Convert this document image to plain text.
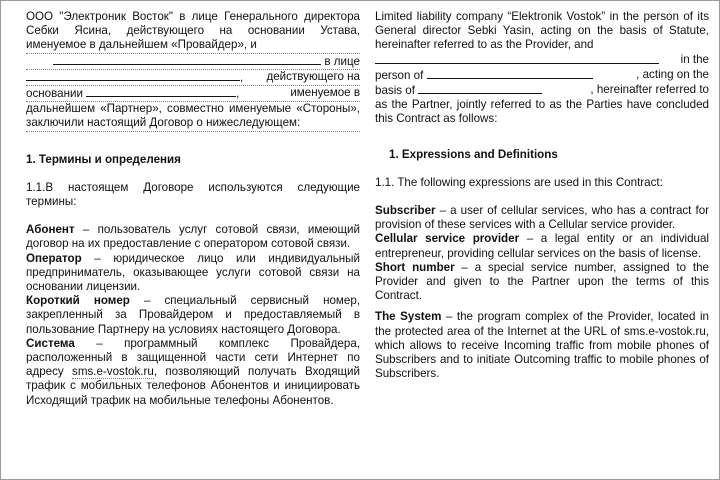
ООО "Электроник Восток" в лице Генерального директора Себки Ясина, действующего на основании Устава, именуемое в дальнейшем «Провайдер», и

в лице

, действующего на

основании	,	именуемое в

дальнейшем «Партнер», совместно именуемые «Стороны», заключили настоящий Договор о нижеследующем:

1. Термины и определения

1.1.В настоящем Договоре используются следующие термины:

Абонент – пользователь услуг сотовой связи, имеющий договор на их предоставление с оператором сотовой связи.

Оператор – юридическое лицо или индивидуальный предприниматель, оказывающее услуги сотовой связи на основании лицензии.

Короткий номер – специальный сервисный номер, закрепленный за Провайдером и предоставляемый в пользование Партнеру на условиях настоящего Договора.

Система – программный комплекс Провайдера, расположенный в защищенной части сети Интернет по адресу sms.e-vostok.ru, позволяющий получать Входящий трафик с мобильных телефонов Абонентов и инициировать Исходящий трафик на мобильные телефоны Абонентов.

Limited liability company “Elektronik Vostok” in the person of its General director Sebki Yasin, acting on the basis of Statute, hereinafter referred to as the Provider, and

in the

person of	, acting on the

basis of	, hereinafter referred to

as the Partner, jointly referred to as the Parties have concluded this Contract as follows:

1. Expressions and Definitions

1.1. The following expressions are used in this Contract:

Subscriber – a user of cellular services, who has a contract for provision of these services with a Cellular service provider.

Cellular service provider – a legal entity or an individual entrepreneur, providing cellular services on the basis of license.

Short number – a special service number, assigned to the Provider and given to the Partner upon the terms of this Contract.

The System – the program complex of the Provider, located in the protected area of the Internet at the URL of sms.e-vostok.ru, which allows to receive Incoming traffic from mobile phones of Subscribers and to initiate Outcoming traffic to mobile phones of Subscribers.
